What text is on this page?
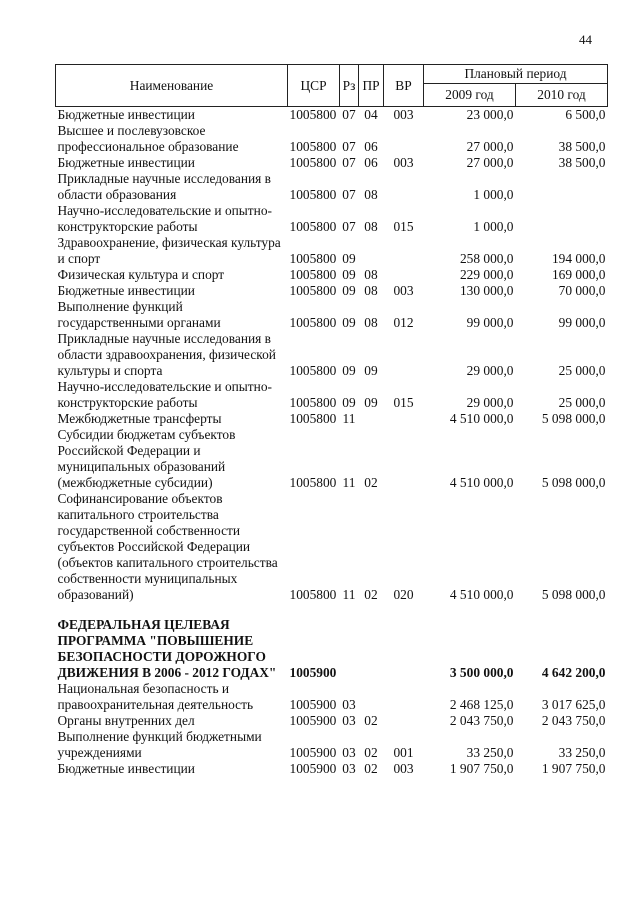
44
Наименование	ЦСР	Рз	ПР	ВР	Плановый период	
					2009 год	2010 год
Бюджетные инвестиции	1005800	07	04	003	23 000,0	6 500,0
Высшее и послевузовское профессиональное образование	1005800	07	06		27 000,0	38 500,0
Бюджетные инвестиции	1005800	07	06	003	27 000,0	38 500,0
Прикладные научные исследования в области образования	1005800	07	08		1 000,0	
Научно-исследовательские и опытно-конструкторские работы	1005800	07	08	015	1 000,0	
Здравоохранение, физическая культура и спорт	1005800	09			258 000,0	194 000,0
Физическая культура и спорт	1005800	09	08		229 000,0	169 000,0
Бюджетные инвестиции	1005800	09	08	003	130 000,0	70 000,0
Выполнение функций государственными органами	1005800	09	08	012	99 000,0	99 000,0
Прикладные научные исследования в области здравоохранения, физической культуры и спорта	1005800	09	09		29 000,0	25 000,0
Научно-исследовательские и опытно-конструкторские работы	1005800	09	09	015	29 000,0	25 000,0
Межбюджетные трансферты	1005800	11			4 510 000,0	5 098 000,0
Субсидии бюджетам субъектов Российской Федерации и муниципальных образований (межбюджетные субсидии)	1005800	11	02		4 510 000,0	5 098 000,0
Софинансирование объектов капитального строительства государственной собственности субъектов Российской Федерации (объектов капитального строительства собственности муниципальных образований)	1005800	11	02	020	4 510 000,0	5 098 000,0

ФЕДЕРАЛЬНАЯ ЦЕЛЕВАЯ ПРОГРАММА "ПОВЫШЕНИЕ БЕЗОПАСНОСТИ ДОРОЖНОГО ДВИЖЕНИЯ В 2006 - 2012 ГОДАХ"	1005900				3 500 000,0	4 642 200,0
Национальная безопасность и правоохранительная деятельность	1005900	03			2 468 125,0	3 017 625,0
Органы внутренних дел	1005900	03	02		2 043 750,0	2 043 750,0
Выполнение функций бюджетными учреждениями	1005900	03	02	001	33 250,0	33 250,0
Бюджетные инвестиции	1005900	03	02	003	1 907 750,0	1 907 750,0
